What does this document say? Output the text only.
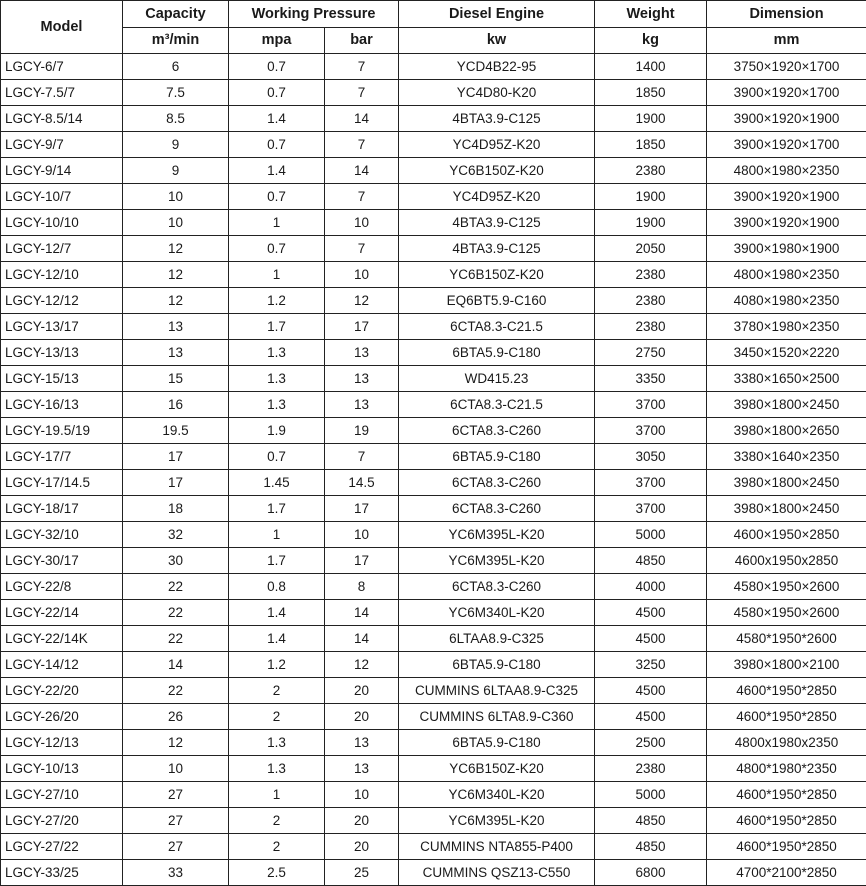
Model	Capacity	Working Pressure		Diesel Engine	Weight	Dimension
	m³/min	mpa	bar	kw	kg	mm
LGCY-6/7	6	0.7	7	YCD4B22-95	1400	3750×1920×1700
LGCY-7.5/7	7.5	0.7	7	YC4D80-K20	1850	3900×1920×1700
LGCY-8.5/14	8.5	1.4	14	4BTA3.9-C125	1900	3900×1920×1900
LGCY-9/7	9	0.7	7	YC4D95Z-K20	1850	3900×1920×1700
LGCY-9/14	9	1.4	14	YC6B150Z-K20	2380	4800×1980×2350
LGCY-10/7	10	0.7	7	YC4D95Z-K20	1900	3900×1920×1900
LGCY-10/10	10	1	10	4BTA3.9-C125	1900	3900×1920×1900
LGCY-12/7	12	0.7	7	4BTA3.9-C125	2050	3900×1980×1900
LGCY-12/10	12	1	10	YC6B150Z-K20	2380	4800×1980×2350
LGCY-12/12	12	1.2	12	EQ6BT5.9-C160	2380	4080×1980×2350
LGCY-13/17	13	1.7	17	6CTA8.3-C21.5	2380	3780×1980×2350
LGCY-13/13	13	1.3	13	6BTA5.9-C180	2750	3450×1520×2220
LGCY-15/13	15	1.3	13	WD415.23	3350	3380×1650×2500
LGCY-16/13	16	1.3	13	6CTA8.3-C21.5	3700	3980×1800×2450
LGCY-19.5/19	19.5	1.9	19	6CTA8.3-C260	3700	3980×1800×2650
LGCY-17/7	17	0.7	7	6BTA5.9-C180	3050	3380×1640×2350
LGCY-17/14.5	17	1.45	14.5	6CTA8.3-C260	3700	3980×1800×2450
LGCY-18/17	18	1.7	17	6CTA8.3-C260	3700	3980×1800×2450
LGCY-32/10	32	1	10	YC6M395L-K20	5000	4600×1950×2850
LGCY-30/17	30	1.7	17	YC6M395L-K20	4850	4600x1950x2850
LGCY-22/8	22	0.8	8	6CTA8.3-C260	4000	4580×1950×2600
LGCY-22/14	22	1.4	14	YC6M340L-K20	4500	4580×1950×2600
LGCY-22/14K	22	1.4	14	6LTAA8.9-C325	4500	4580*1950*2600
LGCY-14/12	14	1.2	12	6BTA5.9-C180	3250	3980×1800×2100
LGCY-22/20	22	2	20	CUMMINS 6LTAA8.9-C325	4500	4600*1950*2850
LGCY-26/20	26	2	20	CUMMINS 6LTA8.9-C360	4500	4600*1950*2850
LGCY-12/13	12	1.3	13	6BTA5.9-C180	2500	4800x1980x2350
LGCY-10/13	10	1.3	13	YC6B150Z-K20	2380	4800*1980*2350
LGCY-27/10	27	1	10	YC6M340L-K20	5000	4600*1950*2850
LGCY-27/20	27	2	20	YC6M395L-K20	4850	4600*1950*2850
LGCY-27/22	27	2	20	CUMMINS NTA855-P400	4850	4600*1950*2850
LGCY-33/25	33	2.5	25	CUMMINS QSZ13-C550	6800	4700*2100*2850
